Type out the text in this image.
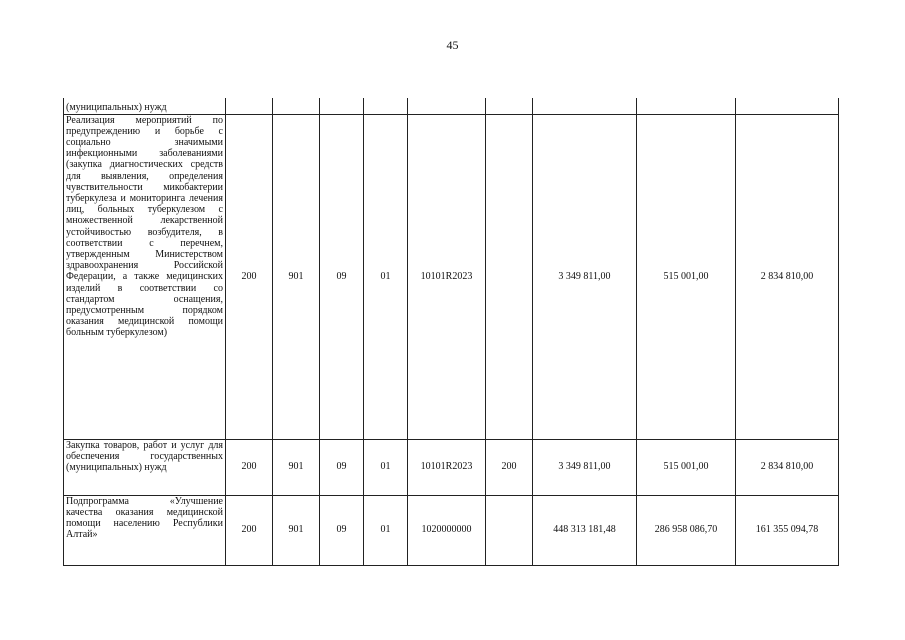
45
(муниципальных) нужд									
Реализация мероприятий по предупреждению и борьбе с социально значимыми инфекционными заболеваниями (закупка диагностических средств для выявления, определения чувствительности микобактерии туберкулеза и мониторинга лечения лиц, больных туберкулезом с множественной лекарственной устойчивостью возбудителя, в соответствии с перечнем, утвержденным Министерством здравоохранения Российской Федерации, а также медицинских изделий в соответствии со стандартом оснащения, предусмотренным порядком оказания медицинской помощи больным туберкулезом)	200	901	09	01	10101R2023		3 349 811,00	515 001,00	2 834 810,00
Закупка товаров, работ и услуг для обеспечения государственных (муниципальных) нужд	200	901	09	01	10101R2023	200	3 349 811,00	515 001,00	2 834 810,00
Подпрограмма «Улучшение качества оказания медицинской помощи населению Республики Алтай»	200	901	09	01	1020000000		448 313 181,48	286 958 086,70	161 355 094,78
